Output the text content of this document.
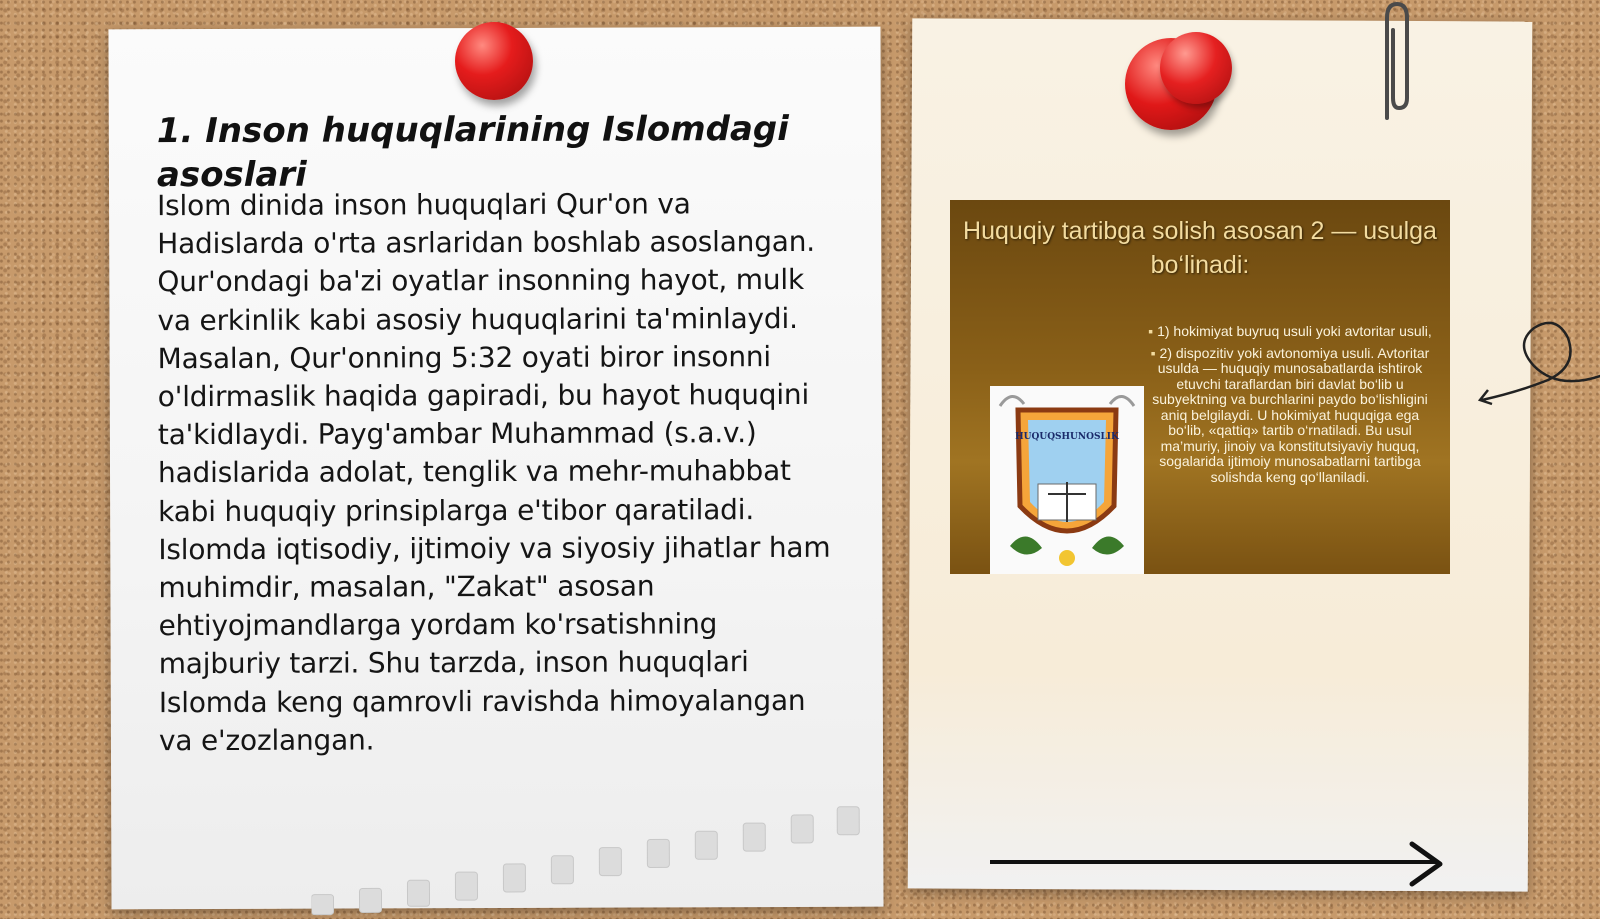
1. Inson huquqlarining Islomdagi asoslari
Islom dinida inson huquqlari Qur'on va Hadislarda o'rta asrlaridan boshlab asoslangan. Qur'ondagi ba'zi oyatlar insonning hayot, mulk va erkinlik kabi asosiy huquqlarini ta'minlaydi. Masalan, Qur'onning 5:32 oyati biror insonni o'ldirmaslik haqida gapiradi, bu hayot huquqini ta'kidlaydi. Payg'ambar Muhammad (s.a.v.) hadislarida adolat, tenglik va mehr-muhabbat kabi huquqiy prinsiplarga e'tibor qaratiladi. Islomda iqtisodiy, ijtimoiy va siyosiy jihatlar ham muhimdir, masalan, "Zakat" asosan ehtiyojmandlarga yordam ko'rsatishning majburiy tarzi. Shu tarzda, inson huquqlari Islomda keng qamrovli ravishda himoyalangan va e'zozlangan.
Huquqiy tartibga solish asosan 2 — usulga bo‘linadi:
▪ 1) hokimiyat buyruq usuli yoki avtoritar usuli,
▪ 2) dispozitiv yoki avtonomiya usuli. Avtoritar usulda — huquqiy munosabatlarda ishtirok etuvchi taraflardan biri davlat bo‘lib u subyektning va burchlarini paydo bo‘lishligini aniq belgilaydi. U hokimiyat huquqiga ega bo‘lib, «qattiq» tartib o‘rnatiladi. Bu usul ma’muriy, jinoiy va konstitutsiyaviy huquq, sogalarida ijtimoiy munosabatlarni tartibga solishda keng qo‘llaniladi.
HUQUQSHUNOSLIK
